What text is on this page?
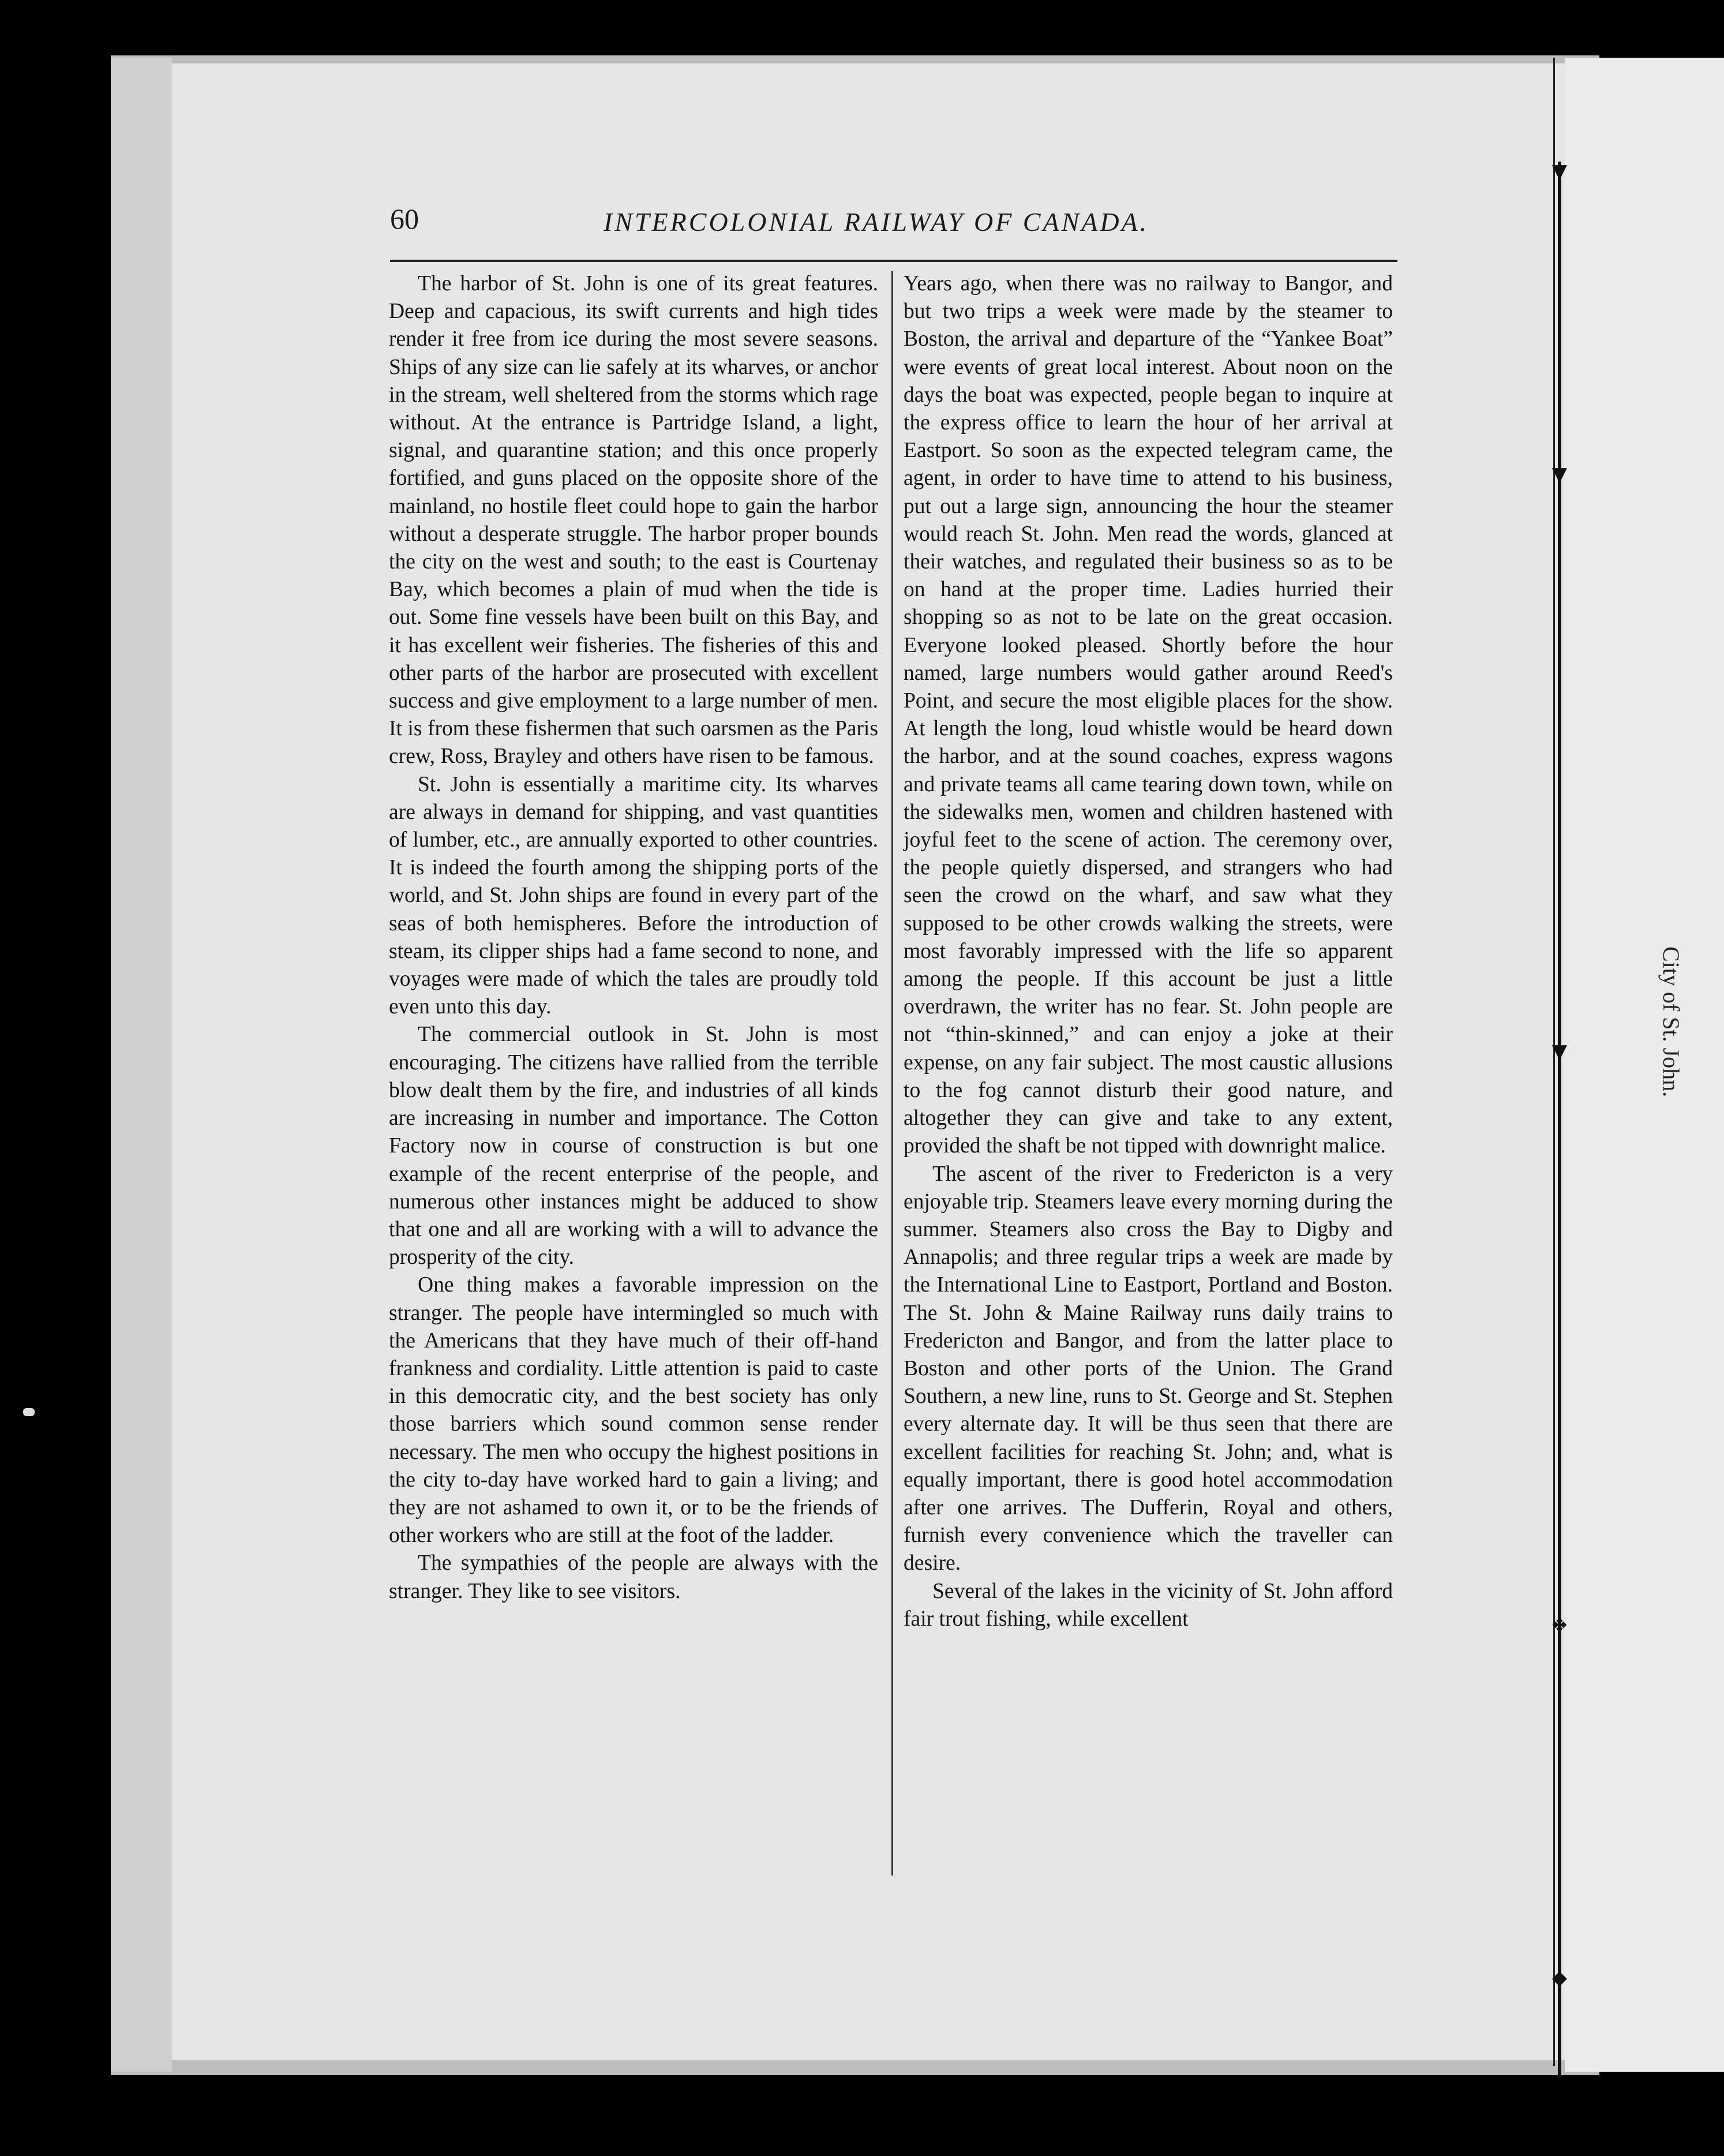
▼
▼
▼
❖
◆
City of St. John.
60	INTERCOLONIAL RAILWAY OF CANADA.

The harbor of St. John is one of its great features. Deep and capacious, its swift currents and high tides render it free from ice during the most severe seasons. Ships of any size can lie safely at its wharves, or anchor in the stream, well sheltered from the storms which rage without. At the entrance is Partridge Island, a light, signal, and quarantine station; and this once properly fortified, and guns placed on the opposite shore of the mainland, no hostile fleet could hope to gain the harbor without a desperate struggle. The harbor proper bounds the city on the west and south; to the east is Courtenay Bay, which becomes a plain of mud when the tide is out. Some fine vessels have been built on this Bay, and it has excellent weir fisheries. The fisheries of this and other parts of the harbor are prosecuted with excellent success and give employment to a large number of men. It is from these fishermen that such oarsmen as the Paris crew, Ross, Brayley and others have risen to be famous.

St. John is essentially a maritime city. Its wharves are always in demand for shipping, and vast quantities of lumber, etc., are annually exported to other countries. It is indeed the fourth among the shipping ports of the world, and St. John ships are found in every part of the seas of both hemispheres. Before the introduction of steam, its clipper ships had a fame second to none, and voyages were made of which the tales are proudly told even unto this day.

The commercial outlook in St. John is most encouraging. The citizens have rallied from the terrible blow dealt them by the fire, and industries of all kinds are increasing in number and importance. The Cotton Factory now in course of construction is but one example of the recent enterprise of the people, and numerous other instances might be adduced to show that one and all are working with a will to advance the prosperity of the city.

One thing makes a favorable impression on the stranger. The people have intermingled so much with the Americans that they have much of their off-hand frankness and cordiality. Little attention is paid to caste in this democratic city, and the best society has only those barriers which sound common sense render necessary. The men who occupy the highest positions in the city to-day have worked hard to gain a living; and they are not ashamed to own it, or to be the friends of other workers who are still at the foot of the ladder.

The sympathies of the people are always with the stranger. They like to see visitors.

Years ago, when there was no railway to Bangor, and but two trips a week were made by the steamer to Boston, the arrival and departure of the “Yankee Boat” were events of great local interest. About noon on the days the boat was expected, people began to inquire at the express office to learn the hour of her arrival at Eastport. So soon as the expected telegram came, the agent, in order to have time to attend to his business, put out a large sign, announcing the hour the steamer would reach St. John. Men read the words, glanced at their watches, and regulated their business so as to be on hand at the proper time. Ladies hurried their shopping so as not to be late on the great occasion. Everyone looked pleased. Shortly before the hour named, large numbers would gather around Reed's Point, and secure the most eligible places for the show. At length the long, loud whistle would be heard down the harbor, and at the sound coaches, express wagons and private teams all came tearing down town, while on the sidewalks men, women and children hastened with joyful feet to the scene of action. The ceremony over, the people quietly dispersed, and strangers who had seen the crowd on the wharf, and saw what they supposed to be other crowds walking the streets, were most favorably impressed with the life so apparent among the people. If this account be just a little overdrawn, the writer has no fear. St. John people are not “thin-skinned,” and can enjoy a joke at their expense, on any fair subject. The most caustic allusions to the fog cannot disturb their good nature, and altogether they can give and take to any extent, provided the shaft be not tipped with downright malice.

The ascent of the river to Fredericton is a very enjoyable trip. Steamers leave every morning during the summer. Steamers also cross the Bay to Digby and Annapolis; and three regular trips a week are made by the International Line to Eastport, Portland and Boston. The St. John & Maine Railway runs daily trains to Fredericton and Bangor, and from the latter place to Boston and other ports of the Union. The Grand Southern, a new line, runs to St. George and St. Stephen every alternate day. It will be thus seen that there are excellent facilities for reaching St. John; and, what is equally important, there is good hotel accommodation after one arrives. The Dufferin, Royal and others, furnish every convenience which the traveller can desire.

Several of the lakes in the vicinity of St. John afford fair trout fishing, while excellent
